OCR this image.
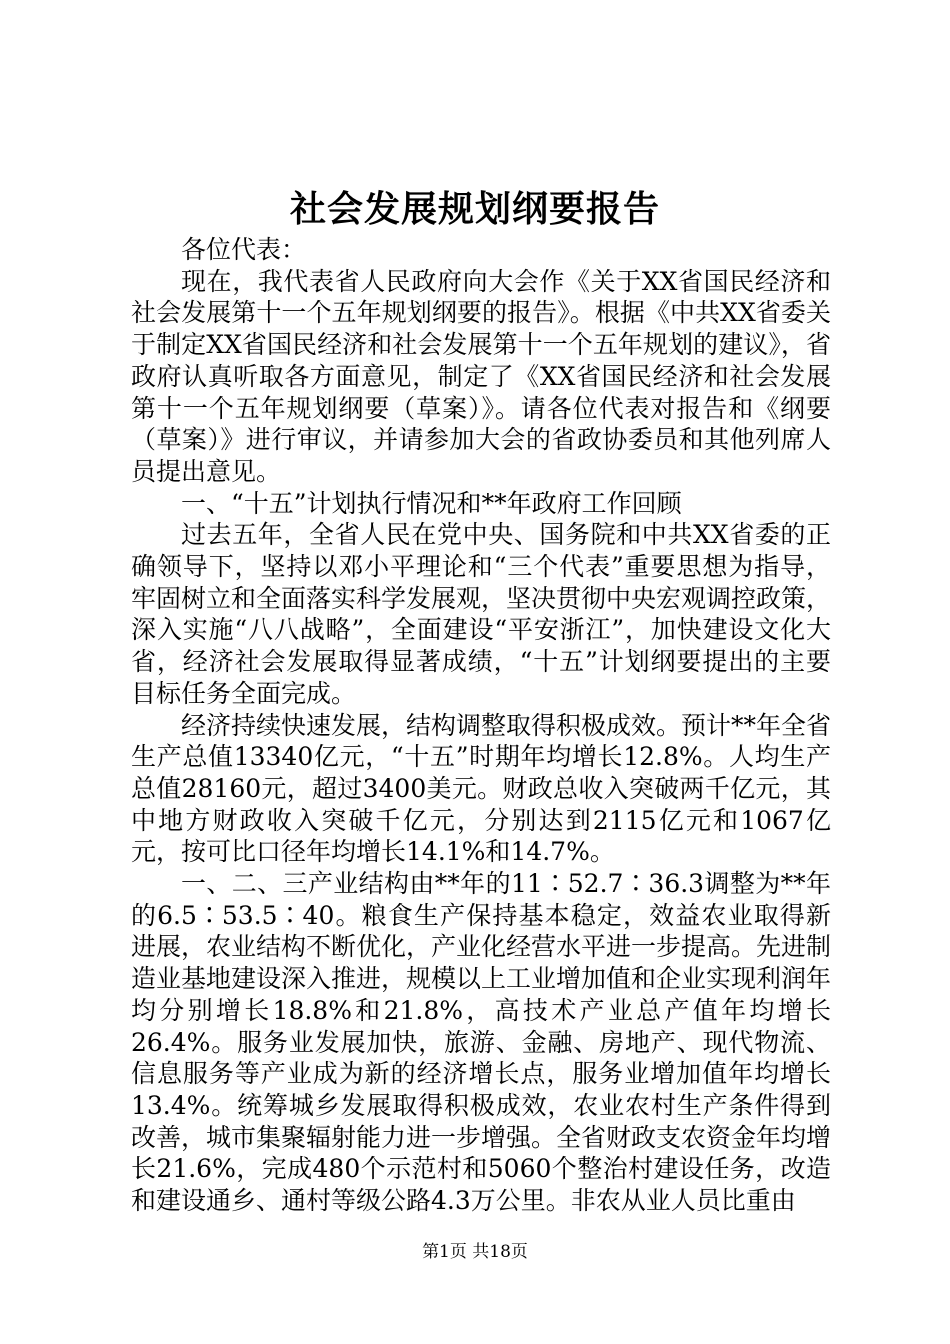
社会发展规划纲要报告

各位代表：

现在，我代表省人民政府向大会作《关于XX省国民经济和社会发展第十一个五年规划纲要的报告》。根据《中共XX省委关于制定XX省国民经济和社会发展第十一个五年规划的建议》，省政府认真听取各方面意见，制定了《XX省国民经济和社会发展第十一个五年规划纲要（草案）》。请各位代表对报告和《纲要（草案）》进行审议，并请参加大会的省政协委员和其他列席人员提出意见。

一、“十五”计划执行情况和**年政府工作回顾

过去五年，全省人民在党中央、国务院和中共XX省委的正确领导下，坚持以邓小平理论和“三个代表”重要思想为指导，牢固树立和全面落实科学发展观，坚决贯彻中央宏观调控政策，深入实施“八八战略”，全面建设“平安浙江”，加快建设文化大省，经济社会发展取得显著成绩，“十五”计划纲要提出的主要目标任务全面完成。

经济持续快速发展，结构调整取得积极成效。预计**年全省生产总值13340亿元，“十五”时期年均增长12.8%。人均生产总值28160元，超过3400美元。财政总收入突破两千亿元，其中地方财政收入突破千亿元，分别达到2115亿元和1067亿元，按可比口径年均增长14.1%和14.7%。

一、二、三产业结构由**年的11∶52.7∶36.3调整为**年的6.5∶53.5∶40。粮食生产保持基本稳定，效益农业取得新进展，农业结构不断优化，产业化经营水平进一步提高。先进制造业基地建设深入推进，规模以上工业增加值和企业实现利润年均分别增长18.8%和21.8%，高技术产业总产值年均增长26.4%。服务业发展加快，旅游、金融、房地产、现代物流、信息服务等产业成为新的经济增长点，服务业增加值年均增长13.4%。统筹城乡发展取得积极成效，农业农村生产条件得到改善，城市集聚辐射能力进一步增强。全省财政支农资金年均增长21.6%，完成480个示范村和5060个整治村建设任务，改造和建设通乡、通村等级公路4.3万公里。非农从业人员比重由

第1页 共18页
